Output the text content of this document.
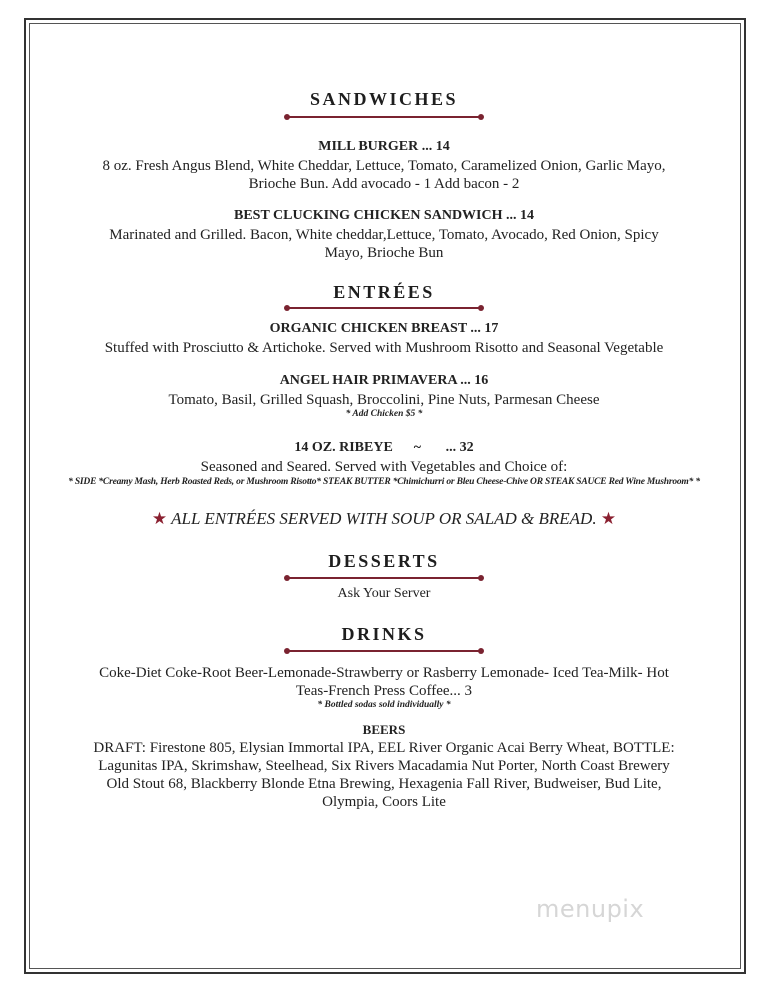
SANDWICHES
MILL BURGER ... 14
8 oz. Fresh Angus Blend, White Cheddar, Lettuce, Tomato, Caramelized Onion, Garlic Mayo,
Brioche Bun. Add avocado - 1 Add bacon - 2
BEST CLUCKING CHICKEN SANDWICH ... 14
Marinated and Grilled. Bacon, White cheddar,Lettuce, Tomato, Avocado, Red Onion, Spicy
Mayo, Brioche Bun
ENTRÉES
ORGANIC CHICKEN BREAST ... 17
Stuffed with Prosciutto & Artichoke. Served with Mushroom Risotto and Seasonal Vegetable
ANGEL HAIR PRIMAVERA ... 16
Tomato, Basil, Grilled Squash, Broccolini, Pine Nuts, Parmesan Cheese
* Add Chicken $5 *
14 OZ. RIBEYE      ~       ... 32
Seasoned and Seared. Served with Vegetables and Choice of:
* SIDE *Creamy Mash, Herb Roasted Reds, or Mushroom Risotto* STEAK BUTTER *Chimichurri or Bleu Cheese-Chive OR STEAK SAUCE Red Wine Mushroom* *
★ ALL ENTRÉES SERVED WITH SOUP OR SALAD & BREAD. ★
DESSERTS
Ask Your Server
DRINKS
Coke-Diet Coke-Root Beer-Lemonade-Strawberry or Rasberry Lemonade- Iced Tea-Milk- Hot
Teas-French Press Coffee... 3
* Bottled sodas sold individually *
BEERS
DRAFT: Firestone 805, Elysian Immortal IPA, EEL River Organic Acai Berry Wheat, BOTTLE:
Lagunitas IPA, Skrimshaw, Steelhead, Six Rivers Macadamia Nut Porter, North Coast Brewery
Old Stout 68, Blackberry Blonde Etna Brewing, Hexagenia Fall River, Budweiser, Bud Lite,
Olympia, Coors Lite
menupix
